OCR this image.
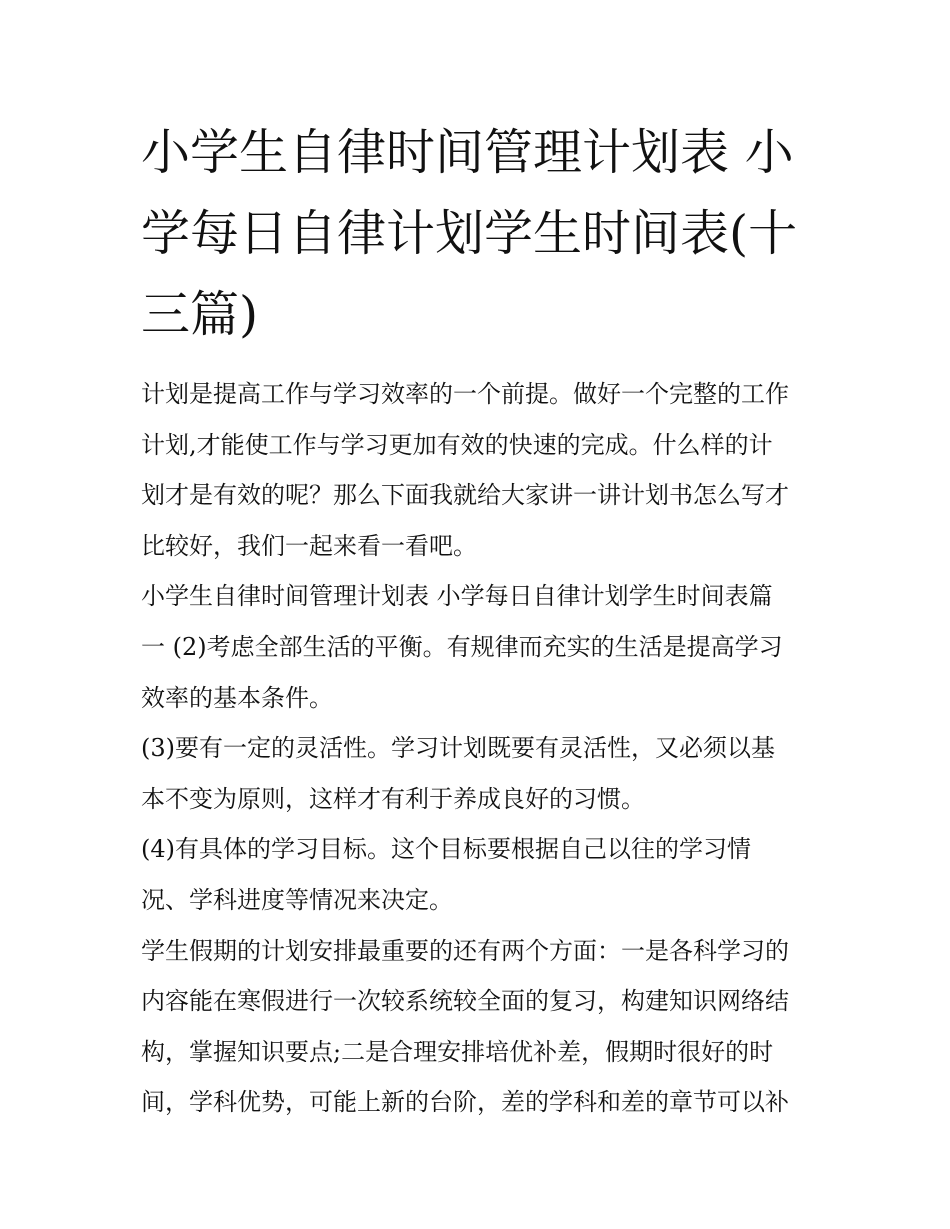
小学生自律时间管理计划表 小
学每日自律计划学生时间表(十
三篇)

计划是提高工作与学习效率的一个前提。做好一个完整的工作
计划,才能使工作与学习更加有效的快速的完成。什么样的计
划才是有效的呢？那么下面我就给大家讲一讲计划书怎么写才
比较好，我们一起来看一看吧。

小学生自律时间管理计划表 小学每日自律计划学生时间表篇
一 (2)考虑全部生活的平衡。有规律而充实的生活是提高学习
效率的基本条件。

(3)要有一定的灵活性。学习计划既要有灵活性，又必须以基
本不变为原则，这样才有利于养成良好的习惯。

(4)有具体的学习目标。这个目标要根据自己以往的学习情
况、学科进度等情况来决定。

学生假期的计划安排最重要的还有两个方面：一是各科学习的
内容能在寒假进行一次较系统较全面的复习，构建知识网络结
构，掌握知识要点;二是合理安排培优补差，假期时很好的时
间，学科优势，可能上新的台阶，差的学科和差的章节可以补
